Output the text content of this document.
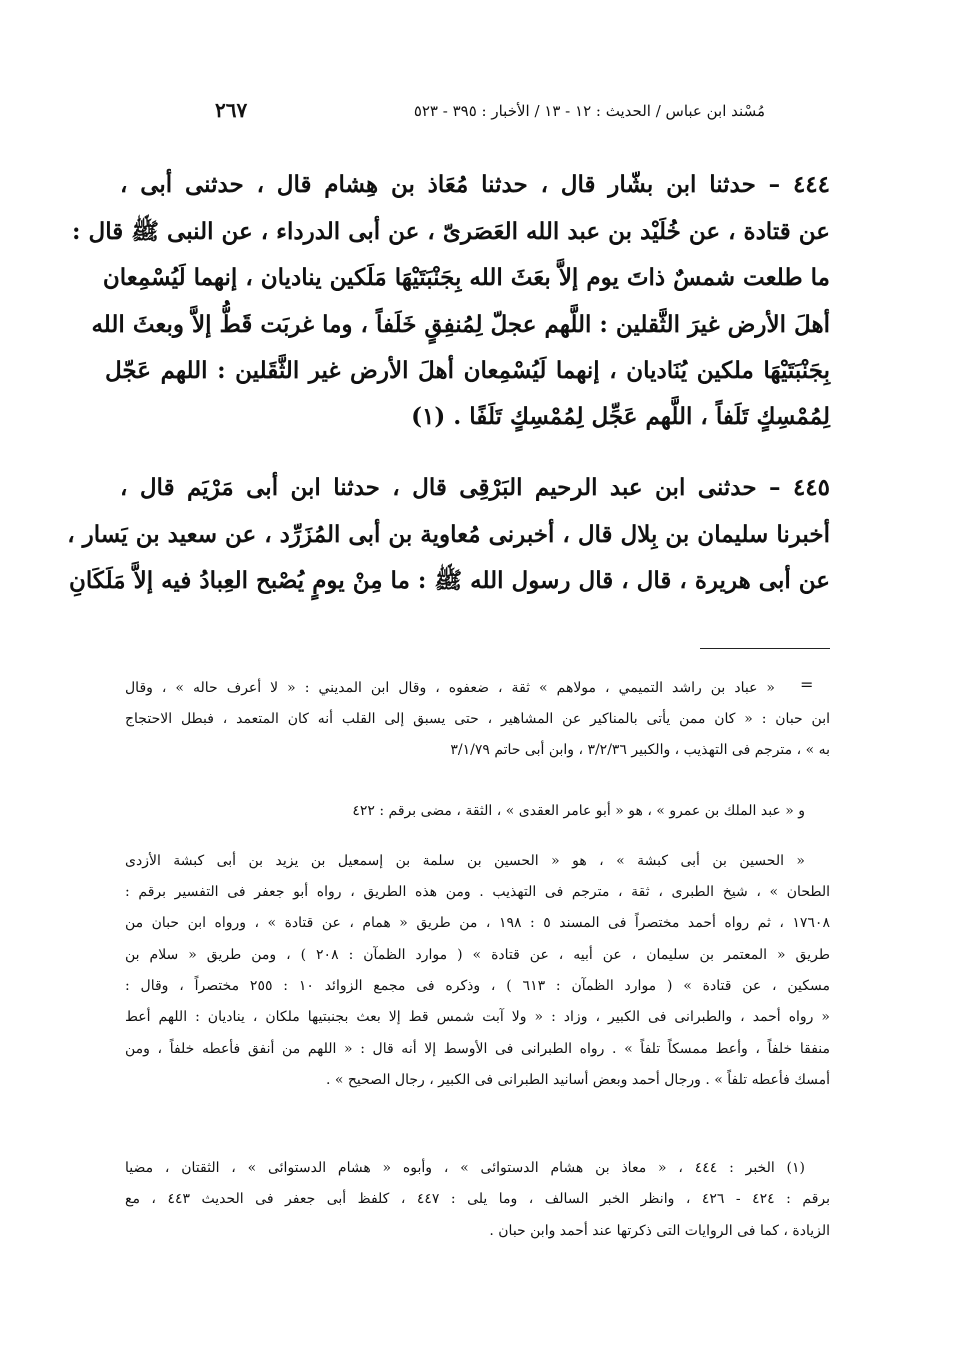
٢٦٧	مُسْند ابن عباس / الحديث : ١٢ - ١٣ / الأخبار : ٣٩٥ - ٥٢٣
٤٤٤ – حدثنا ابن بشّار قال ، حدثنا مُعَاذ بن هِشام قال ، حدثنى أبى ،
عن قتادة ، عن خُلَيْد بن عبد الله العَصَرىّ ، عن أبى الدرداء ، عن النبى ﷺ قال :
ما طلعت شمسٌ ذاتَ يوم إلاَّ بعَثَ الله بِجَنْبَتَيْهَا مَلَكين يناديان ، إنهما لَيُسْمِعان
أهلَ الأرض غيرَ الثَّقلين : اللَّهم عجلّ لِمُنفِقٍ خَلَفاً ، وما غربَت قَطُّ إلاَّ وبعثَ الله
بِجَنْبَتَيْهَا ملكين يُنَاديان ، إنهما لَيُسْمِعان أهلَ الأرض غير الثَّقَلين : اللهم عَجّل
لِمُمْسِكٍ تَلَفاً ، اللَّهم عَجِّل لِمُمْسِكٍ تَلَفًا . (١)
٤٤٥ – حدثنى ابن عبد الرحيم البَرْقِى قال ، حدثنا ابن أبى مَرْيَم قال ،
أخبرنا سليمان بن بِلال قال ، أخبرنى مُعاوية بن أبى المُزَرِّد ، عن سعيد بن يَسار ،
عن أبى هريرة ، قال ، قال رسول الله ﷺ : ما مِنْ يومٍ يُصْبح العِبادُ فيه إلاَّ مَلَكَانِ
=
« عباد بن راشد التميمي ، مولاهم » ثقة ، ضعفوه ، وقال ابن المديني : « لا أعرف حاله » ، وقال
ابن حبان : « كان ممن يأتى بالمناكير عن المشاهير ، حتى يسبق إلى القلب أنه كان المتعمد ، فبطل الاحتجاج
به » ، مترجم فى التهذيب ، والكبير ٣/٢/٣٦ ، وابن أبى حاتم ٣/١/٧٩
و « عبد الملك بن عمرو » ، هو « أبو عامر العقدى » ، الثقة ، مضى برقم : ٤٢٢
« الحسين بن أبى كبشة » ، هو « الحسين بن سلمة بن إسمعيل بن يزيد بن أبى كبشة الأزدى
الطحان » ، شيخ الطبرى ، ثقة ، مترجم فى التهذيب . ومن هذه الطريق ، رواه أبو جعفر فى التفسير برقم :
١٧٦٠٨ ، ثم رواه أحمد مختصراً فى المسند ٥ : ١٩٨ ، من طريق « همام ، عن قتادة » ، ورواه ابن حبان من
طريق « المعتمر بن سليمان ، عن أبيه ، عن قتادة » ( موارد الظمآن : ٢٠٨ ) ، ومن طريق « سلام بن
مسكين ، عن قتادة » ( موارد الظمآن : ٦١٣ ) ، وذكره فى مجمع الزوائد ١٠ : ٢٥٥ مختصراً ، وقال :
« رواه أحمد ، والطبرانى فى الكبير ، وزاد : « ولا آبت شمس قط إلا بعث بجنبتيها ملكان ، يناديان : اللهم أعط
منفقا خلفاً ، وأعط ممسكاً تلفاً » . رواه الطبرانى فى الأوسط إلا أنه قال : « اللهم من أنفق فأعطه خلفاً ، ومن
أمسك فأعطه تلفاً » . ورجال أحمد وبعض أسانيد الطبرانى فى الكبير ، رجال الصحيح » .
(١) الخبر : ٤٤٤ ، « معاذ بن هشام الدستوائى » ، وأبوه « هشام الدستوائى » ، الثقتان ، مضيا
برقم : ٤٢٤ - ٤٢٦ ، وانظر الخبر السالف ، وما يلى : ٤٤٧ ، كلفظ أبى جعفر فى الحديث ٤٤٣ ، مع
الزيادة ، كما فى الروايات التى ذكرتها عند أحمد وابن حبان .
